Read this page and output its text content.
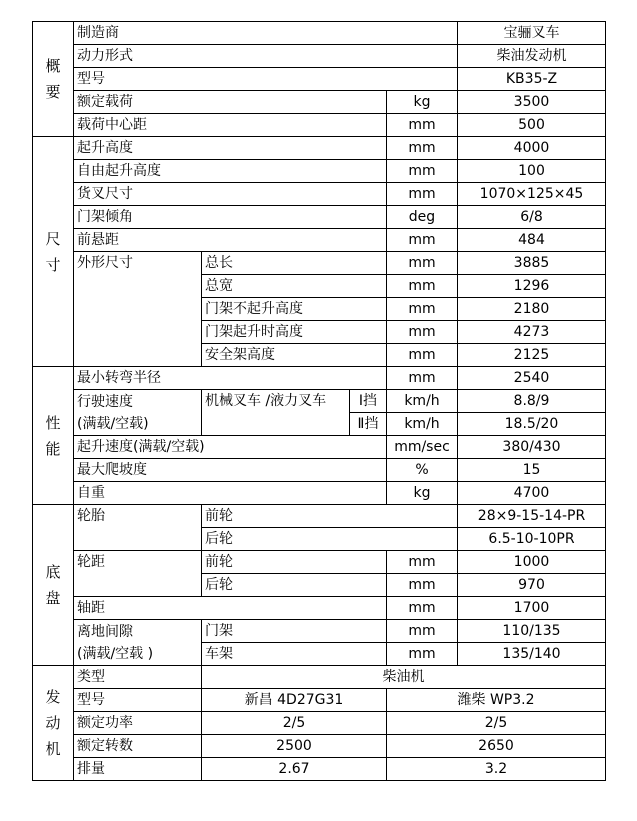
概
要	制造商				宝骊叉车
	动力形式				柴油发动机
	型号				KB35-Z
	额定载荷			kg	3500
	载荷中心距			mm	500

尺
寸	起升高度			mm	4000
	自由起升高度			mm	100
	货叉尺寸			mm	1070×125×45
	门架倾角			deg	6/8
	前悬距			mm	484
	外形尺寸	总长		mm	3885
		总宽		mm	1296
		门架不起升高度		mm	2180
		门架起升时高度		mm	4273
		安全架高度		mm	2125

性
能	最小转弯半径			mm	2540

	行驶速度
(满载/空载)	机械叉车 /液力叉车	Ⅰ挡	km/h	8.8/9
			Ⅱ挡	km/h	18.5/20
	起升速度(满载/空载)			mm/sec	380/430
	最大爬坡度			%	15
	自重			kg	4700

底
盘	轮胎	前轮			28×9-15-14-PR
		后轮			6.5-10-10PR
	轮距	前轮		mm	1000
		后轮		mm	970
	轴距			mm	1700

	离地间隙
(满载/空载 )	门架		mm	110/135
		车架		mm	135/140

发
动
机	类型	柴油机			
	型号	新昌 4D27G31		潍柴 WP3.2	
	额定功率	2/5		2/5	
	额定转数	2500		2650	
	排量	2.67		3.2	
